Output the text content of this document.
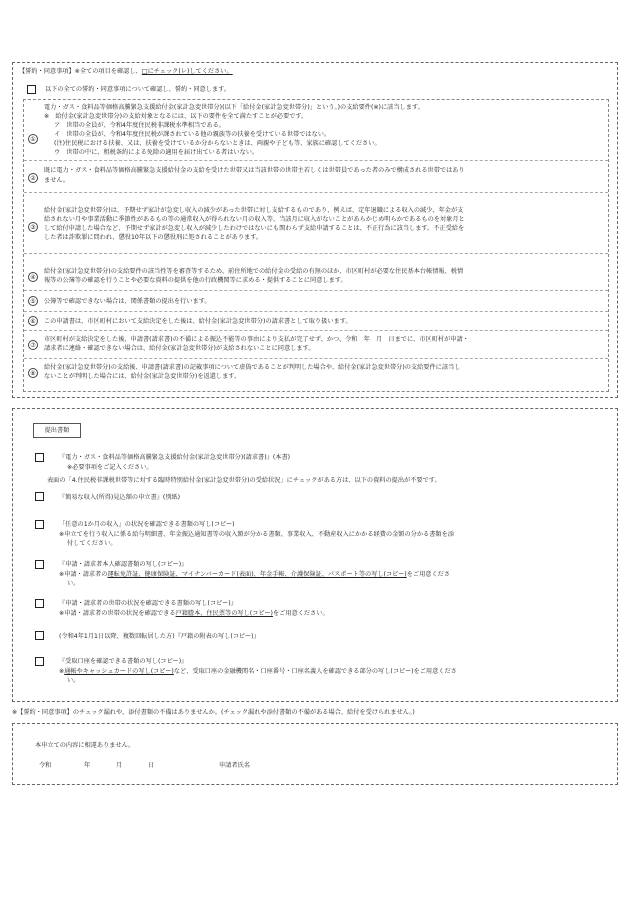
【誓約・同意事項】※全ての項目を確認し、□にチェック(レ)してください。
以下の全ての誓約・同意事項について確認し、誓約・同意します。
①
電力・ガス・食料品等価格高騰緊急支援給付金(家計急変世帯分)(以下「給付金(家計急変世帯分)」という。)の支給要件(※)に該当します。
※　給付金(家計急変世帯分)の支給対象となるには、以下の要件を全て満たすことが必要です。
ア　世帯の全員が、令和4年度住民税非課税水準相当である。
イ　世帯の全員が、令和4年度住民税が課されている他の親族等の扶養を受けている世帯ではない。
(注)住民税における扶養、又は、扶養を受けているか分からないときは、両親や子ども等、家族に確認してください。
ウ　世帯の中に、租税条約による免除の適用を届け出ている者はいない。
②
既に電力・ガス・食料品等価格高騰緊急支援給付金の支給を受けた世帯又は当該世帯の世帯主若しくは世帯員であった者のみで構成される世帯ではあり
ません。
③
給付金(家計急変世帯分)は、予期せず家計が急変し収入の減少があった世帯に対し支給するものであり、例えば、定年退職による収入の減少、年金が支
給されない月や事業活動に季節性があるもの等の通常収入が得られない月の収入等、当該月に収入がないことがあらかじめ明らかであるものを対象月と
して給付申請した場合など、予期せず家計が急変し収入が減少したわけではないにも関わらず支給申請することは、不正行為に該当します。不正受給を
した者は詐欺罪に問われ、懲役10年以下の懲役刑に処されることがあります。
④
給付金(家計急変世帯分)の支給要件の該当性等を審査等するため、前住所地での給付金の受給の有無のほか、市区町村が必要な住民基本台帳情報、税情
報等の公簿等の確認を行うことや必要な資料の提供を他の行政機関等に求める・提供することに同意します。
⑤	公簿等で確認できない場合は、関係書類の提出を行います。
⑥	この申請書は、市区町村において支給決定をした後は、給付金(家計急変世帯分)の請求書として取り扱います。
⑦
市区町村が支給決定をした後、申請書(請求書)の不備による振込不能等の事由により支払が完了せず、かつ、令和　年　月　日までに、市区町村が申請・
請求者に連絡・確認できない場合は、給付金(家計急変世帯分)が支給されないことに同意します。
⑧
給付金(家計急変世帯分)の支給後、申請書(請求書)の記載事項について虚偽であることが判明した場合や、給付金(家計急変世帯分)の支給要件に該当し
ないことが判明した場合には、給付金(家計急変世帯分)を返還します。
提出書類
『電力・ガス・食料品等価格高騰緊急支援給付金(家計急変世帯分)(請求書)』(本書)
※必要事項をご記入ください。
表面の「4.住民税非課税世帯等に対する臨時特別給付金(家計急変世帯分)の受給状況」にチェックがある方は、以下の資料の提出が不要です。
『簡易な収入(所得)見込額の申立書』(別紙)
「任意の1か月の収入」の状況を確認できる書類の写し(コピー)
※申立てを行う収入に係る給与明細書、年金振込通知書等の収入額が分かる書類、事業収入、不動産収入にかかる経費の金額の分かる書類を添
付してください。
『申請・請求者本人確認書類の写し(コピー)』
※申請・請求者の運転免許証、健康保険証、マイナンバーカード(表面)、年金手帳、介護保険証、パスポート等の写し(コピー)をご用意くださ
い。
『申請・請求者の世帯の状況を確認できる書類の写し(コピー)』
※申請・請求者の世帯の状況を確認できる戸籍謄本、住民票等の写し(コピー)をご用意ください。
(令和4年1月1日以降、複数回転居した方)『戸籍の附表の写し(コピー)』
『受取口座を確認できる書類の写し(コピー)』
※通帳やキャッシュカードの写し(コピー)など、受取口座の金融機関名・口座番号・口座名義人を確認できる部分の写し(コピー)をご用意くださ
い。
※【誓約・同意事項】のチェック漏れや、添付書類の不備はありませんか。(チェック漏れや添付書類の不備がある場合、給付を受けられません。)
本申立ての内容に相違ありません。
令和	年	月	日	申請者氏名
